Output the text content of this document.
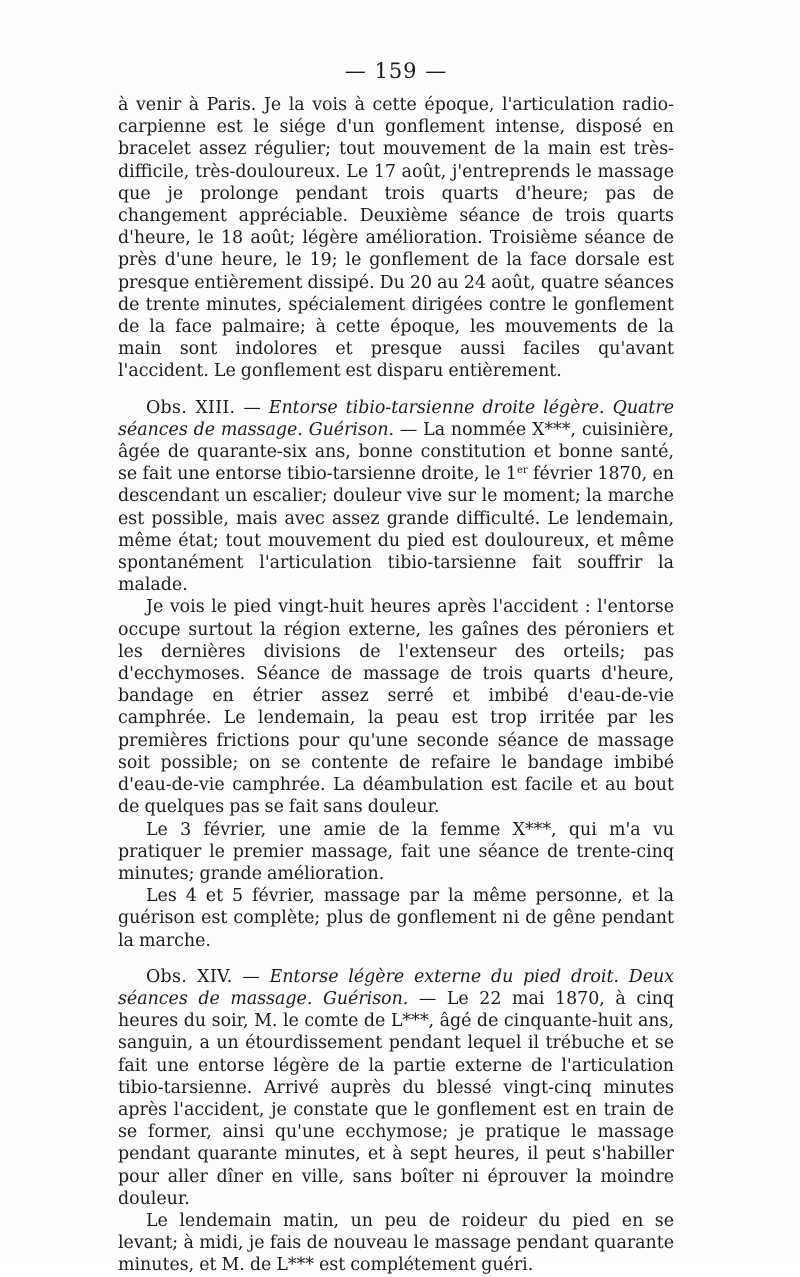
— 159 —

à venir à Paris. Je la vois à cette époque, l'articulation radio-carpienne est le siége d'un gonflement intense, disposé en bracelet assez régulier; tout mouvement de la main est très-difficile, très-douloureux. Le 17 août, j'entreprends le massage que je prolonge pendant trois quarts d'heure; pas de changement appréciable. Deuxième séance de trois quarts d'heure, le 18 août; légère amélioration. Troisième séance de près d'une heure, le 19; le gonflement de la face dorsale est presque entièrement dissipé. Du 20 au 24 août, quatre séances de trente minutes, spécialement dirigées contre le gonflement de la face palmaire; à cette époque, les mouvements de la main sont indolores et presque aussi faciles qu'avant l'accident. Le gonflement est disparu entièrement.

Obs. XIII. — Entorse tibio-tarsienne droite légère. Quatre séances de massage. Guérison. — La nommée X***, cuisinière, âgée de quarante-six ans, bonne constitution et bonne santé, se fait une entorse tibio-tarsienne droite, le 1er février 1870, en descendant un escalier; douleur vive sur le moment; la marche est possible, mais avec assez grande difficulté. Le lendemain, même état; tout mouvement du pied est douloureux, et même spontanément l'articulation tibio-tarsienne fait souffrir la malade.

Je vois le pied vingt-huit heures après l'accident : l'entorse occupe surtout la région externe, les gaînes des péroniers et les dernières divisions de l'extenseur des orteils; pas d'ecchymoses. Séance de massage de trois quarts d'heure, bandage en étrier assez serré et imbibé d'eau-de-vie camphrée. Le lendemain, la peau est trop irritée par les premières frictions pour qu'une seconde séance de massage soit possible; on se contente de refaire le bandage imbibé d'eau-de-vie camphrée. La déambulation est facile et au bout de quelques pas se fait sans douleur.

Le 3 février, une amie de la femme X***, qui m'a vu pratiquer le premier massage, fait une séance de trente-cinq minutes; grande amélioration.

Les 4 et 5 février, massage par la même personne, et la guérison est complète; plus de gonflement ni de gêne pendant la marche.

Obs. XIV. — Entorse légère externe du pied droit. Deux séances de massage. Guérison. — Le 22 mai 1870, à cinq heures du soir, M. le comte de L***, âgé de cinquante-huit ans, sanguin, a un étourdissement pendant lequel il trébuche et se fait une entorse légère de la partie externe de l'articulation tibio-tarsienne. Arrivé auprès du blessé vingt-cinq minutes après l'accident, je constate que le gonflement est en train de se former, ainsi qu'une ecchymose; je pratique le massage pendant quarante minutes, et à sept heures, il peut s'habiller pour aller dîner en ville, sans boîter ni éprouver la moindre douleur.

Le lendemain matin, un peu de roideur du pied en se levant; à midi, je fais de nouveau le massage pendant quarante minutes, et M. de L*** est complétement guéri.
